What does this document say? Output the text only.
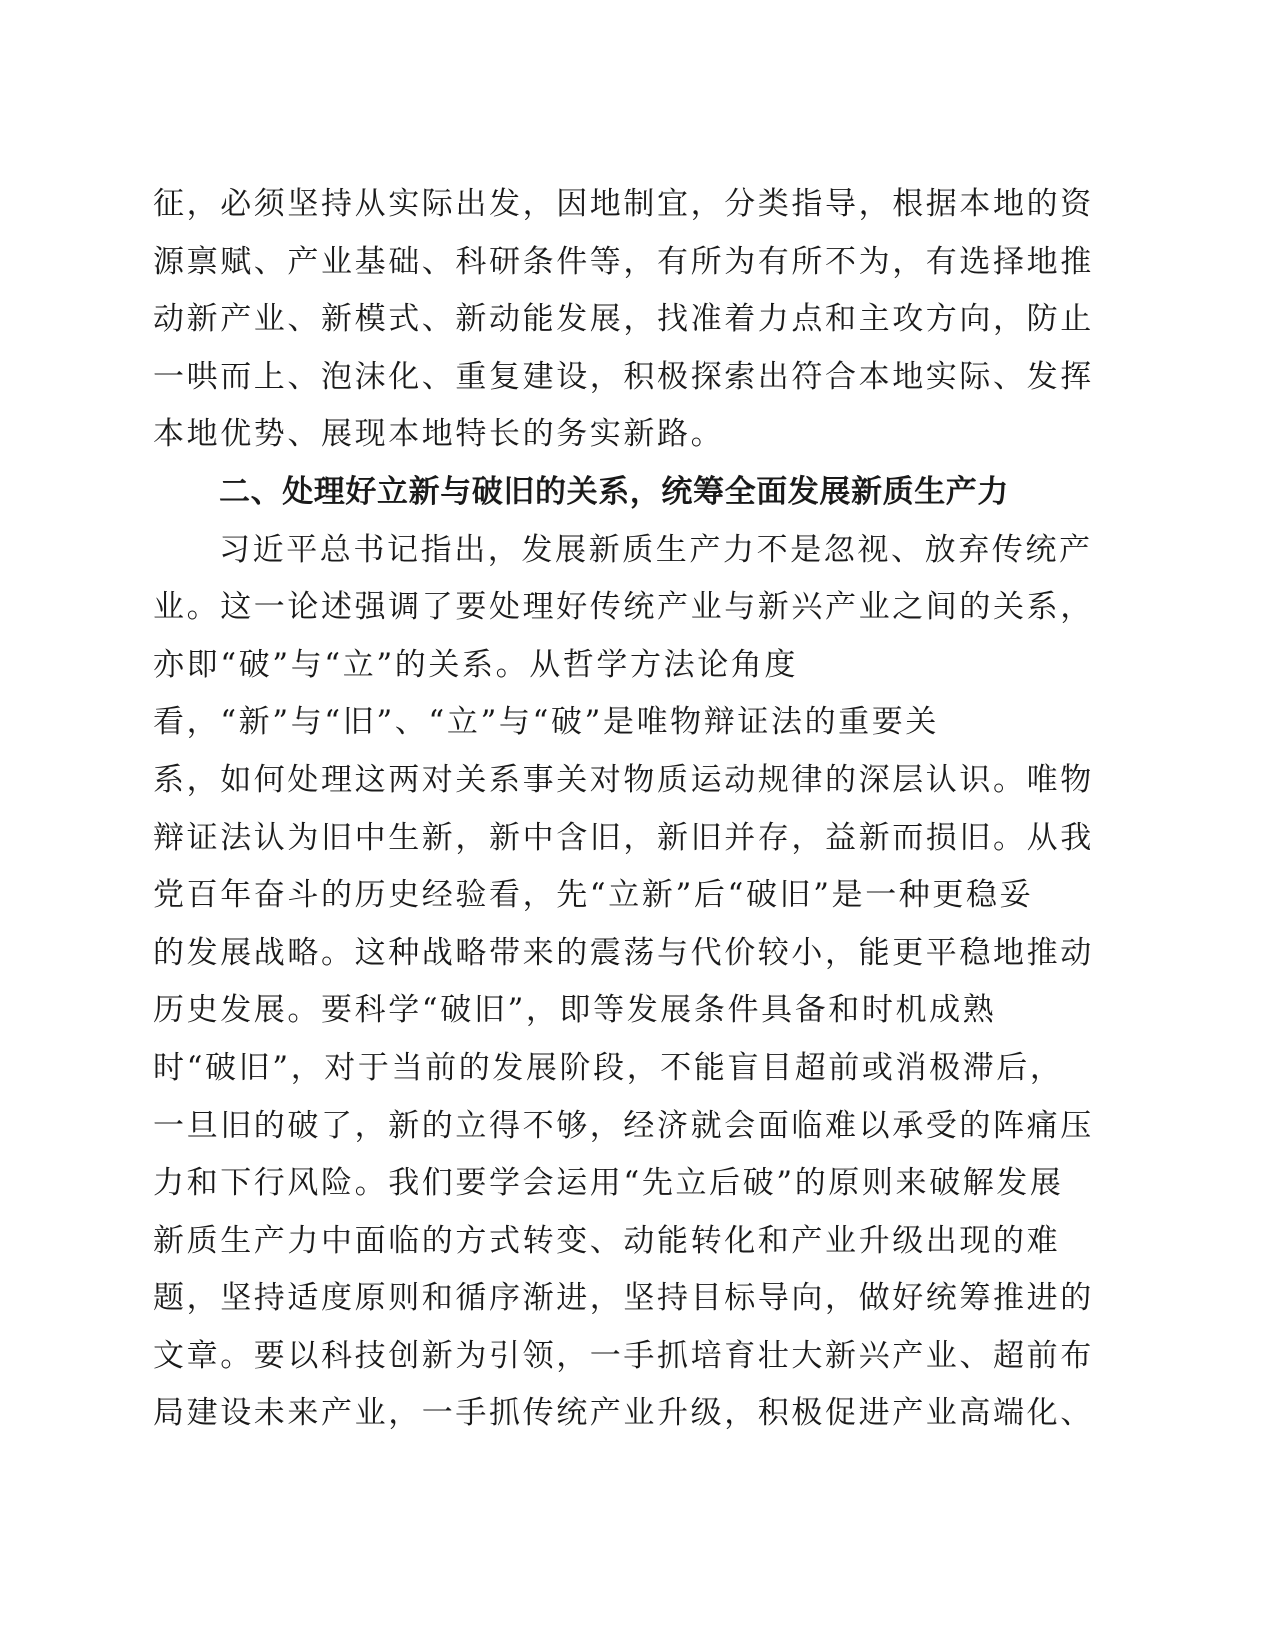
征，必须坚持从实际出发，因地制宜，分类指导，根据本地的资
源禀赋、产业基础、科研条件等，有所为有所不为，有选择地推
动新产业、新模式、新动能发展，找准着力点和主攻方向，防止
一哄而上、泡沫化、重复建设，积极探索出符合本地实际、发挥
本地优势、展现本地特长的务实新路。
二、处理好立新与破旧的关系，统筹全面发展新质生产力
习近平总书记指出，发展新质生产力不是忽视、放弃传统产
业。这一论述强调了要处理好传统产业与新兴产业之间的关系，
亦即“破”与“立”的关系。从哲学方法论角度
看，“新”与“旧”、“立”与“破”是唯物辩证法的重要关
系，如何处理这两对关系事关对物质运动规律的深层认识。唯物
辩证法认为旧中生新，新中含旧，新旧并存，益新而损旧。从我
党百年奋斗的历史经验看，先“立新”后“破旧”是一种更稳妥
的发展战略。这种战略带来的震荡与代价较小，能更平稳地推动
历史发展。要科学“破旧”，即等发展条件具备和时机成熟
时“破旧”，对于当前的发展阶段，不能盲目超前或消极滞后，
一旦旧的破了，新的立得不够，经济就会面临难以承受的阵痛压
力和下行风险。我们要学会运用“先立后破”的原则来破解发展
新质生产力中面临的方式转变、动能转化和产业升级出现的难
题，坚持适度原则和循序渐进，坚持目标导向，做好统筹推进的
文章。要以科技创新为引领，一手抓培育壮大新兴产业、超前布
局建设未来产业，一手抓传统产业升级，积极促进产业高端化、
